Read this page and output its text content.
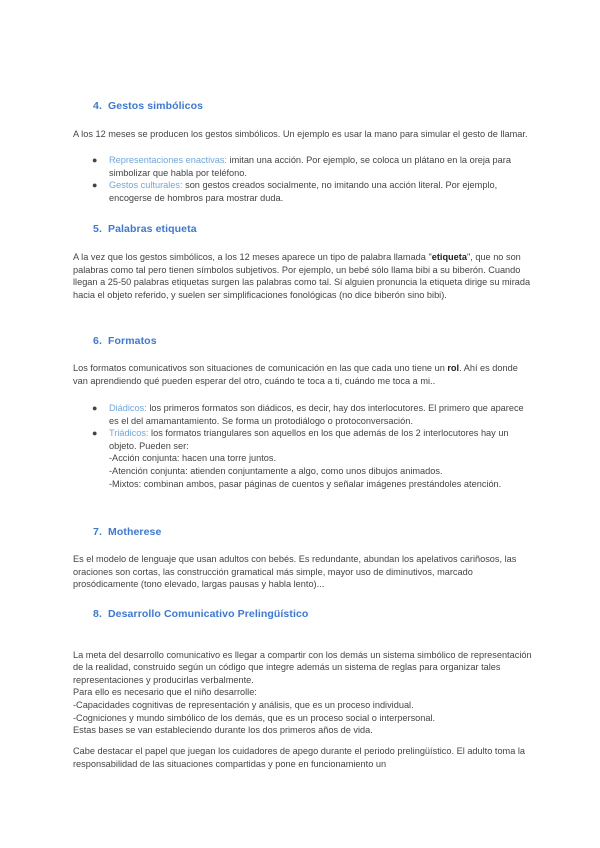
4. Gestos simbólicos

A los 12 meses se producen los gestos simbólicos. Un ejemplo es usar la mano para simular el gesto de llamar.

● Representaciones enactivas: imitan una acción. Por ejemplo, se coloca un plátano en la oreja para simbolizar que habla por teléfono.
● Gestos culturales: son gestos creados socialmente, no imitando una acción literal. Por ejemplo, encogerse de hombros para mostrar duda.
5. Palabras etiqueta

A la vez que los gestos simbólicos, a los 12 meses aparece un tipo de palabra llamada "etiqueta", que no son palabras como tal pero tienen símbolos subjetivos. Por ejemplo, un bebé sólo llama bibi a su biberón. Cuando llegan a 25-50 palabras etiquetas surgen las palabras como tal. Si alguien pronuncia la etiqueta dirige su mirada hacia el objeto referido, y suelen ser simplificaciones fonológicas (no dice biberón sino bibi).

6. Formatos

Los formatos comunicativos son situaciones de comunicación en las que cada uno tiene un rol. Ahí es donde van aprendiendo qué pueden esperar del otro, cuándo te toca a ti, cuándo me toca a mi..

● Diádicos: los primeros formatos son diádicos, es decir, hay dos interlocutores. El primero que aparece es el del amamantamiento. Se forma un protodiálogo o protoconversación.
● Triádicos: los formatos triangulares son aquellos en los que además de los 2 interlocutores hay un objeto. Pueden ser:
-Acción conjunta: hacen una torre juntos.
-Atención conjunta: atienden conjuntamente a algo, como unos dibujos animados.
-Mixtos: combinan ambos, pasar páginas de cuentos y señalar imágenes prestándoles atención.
7. Motherese

Es el modelo de lenguaje que usan adultos con bebés. Es redundante, abundan los apelativos cariñosos, las oraciones son cortas, las construcción gramatical más simple, mayor uso de diminutivos, marcado prosódicamente (tono elevado, largas pausas y habla lento)...

8. Desarrollo Comunicativo Prelingüístico

La meta del desarrollo comunicativo es llegar a compartir con los demás un sistema simbólico de representación de la realidad, construido según un código que integre además un sistema de reglas para organizar tales representaciones y producirlas verbalmente.
Para ello es necesario que el niño desarrolle:
-Capacidades cognitivas de representación y análisis, que es un proceso individual.
-Cogniciones y mundo simbólico de los demás, que es un proceso social o interpersonal.
Estas bases se van estableciendo durante los dos primeros años de vida.

Cabe destacar el papel que juegan los cuidadores de apego durante el periodo prelingüístico. El adulto toma la responsabilidad de las situaciones compartidas y pone en funcionamiento un
